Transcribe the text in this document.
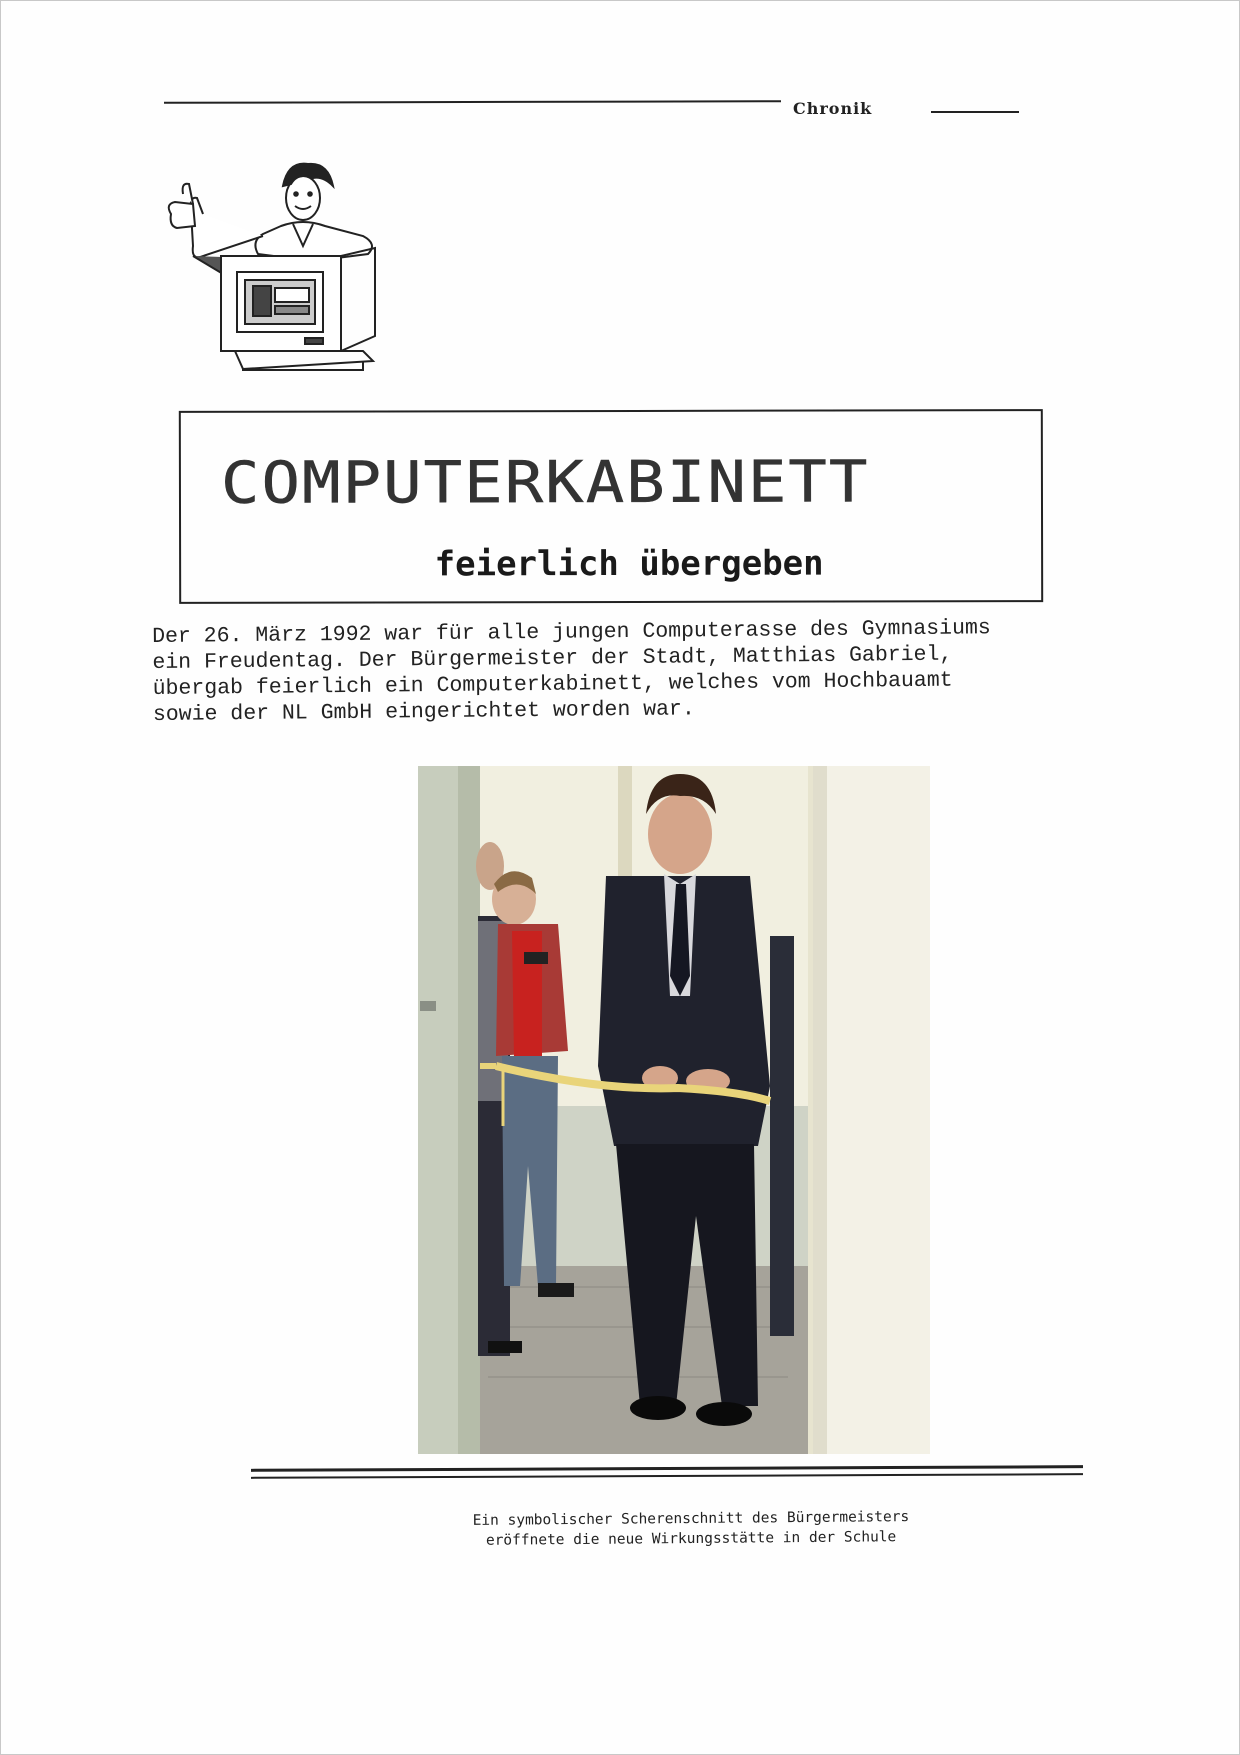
Chronik
COMPUTERKABINETT
feierlich übergeben
Der 26. März 1992 war für alle jungen Computerasse des Gymnasiums
ein Freudentag. Der Bürgermeister der Stadt, Matthias Gabriel,
übergab feierlich ein Computerkabinett, welches vom Hochbauamt
sowie der NL GmbH eingerichtet worden war.
Ein symbolischer Scherenschnitt des Bürgermeisters
eröffnete die neue Wirkungsstätte in der Schule
